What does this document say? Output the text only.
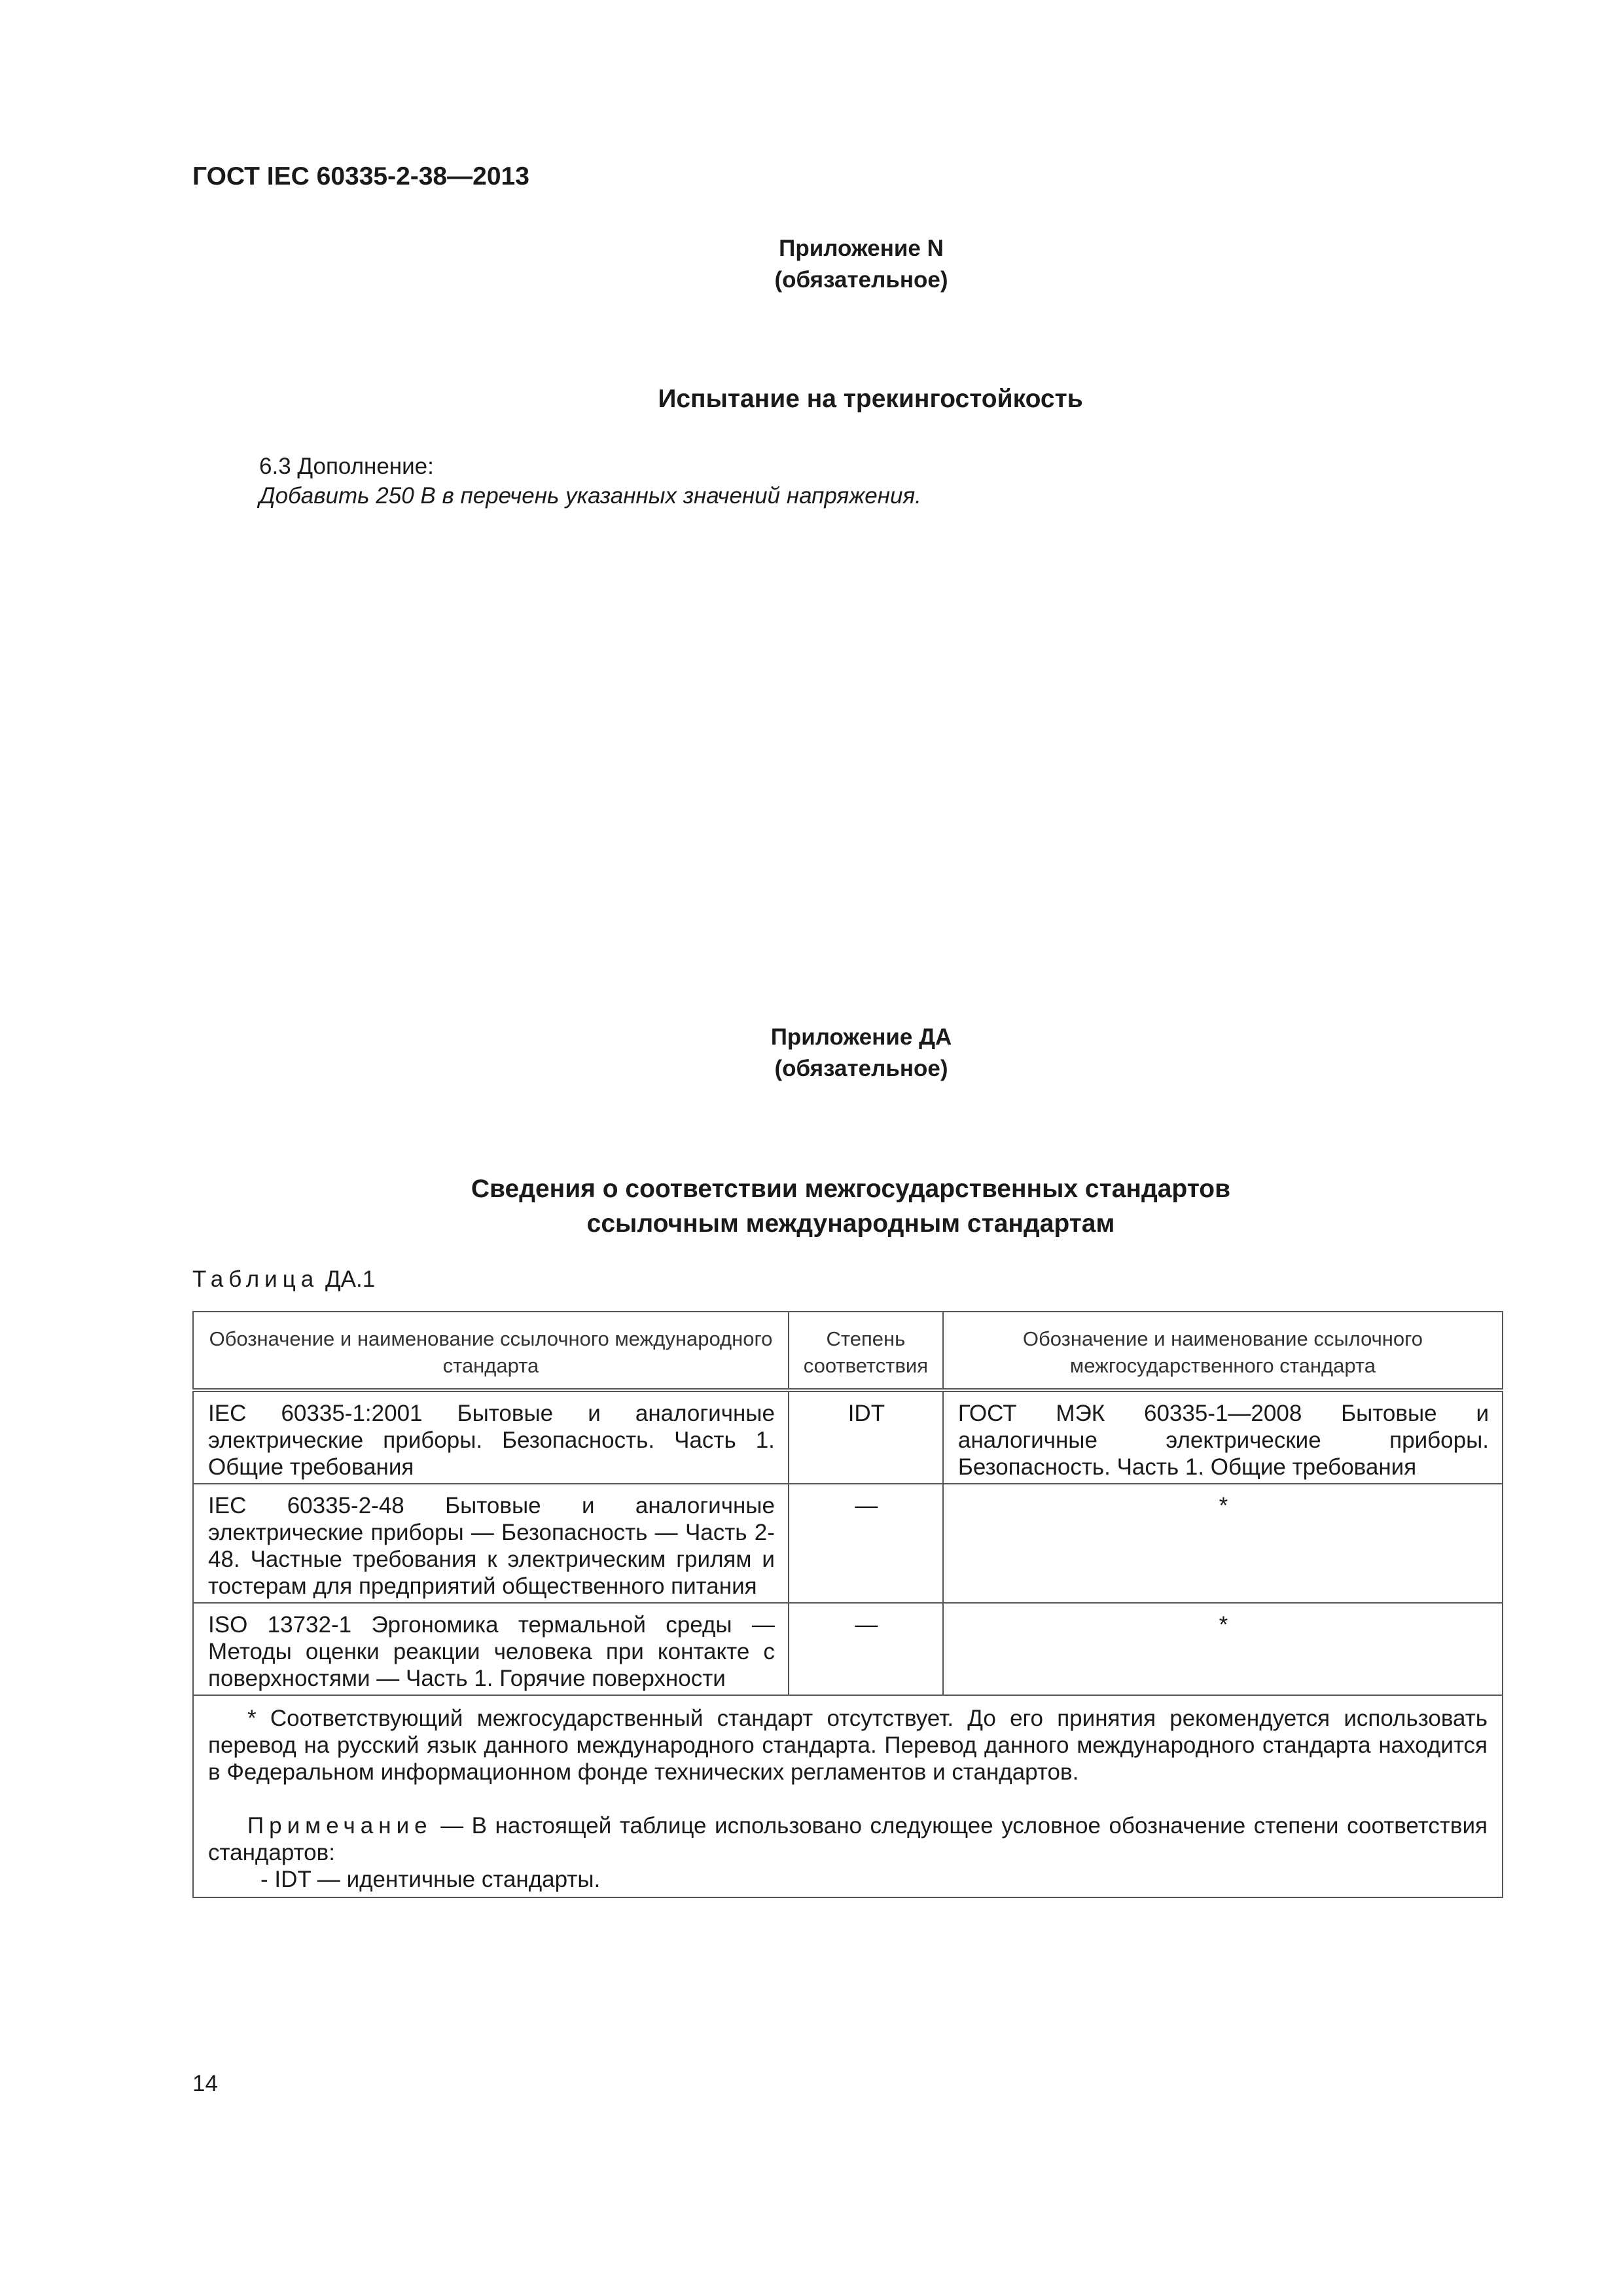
ГОСТ IEC 60335-2-38—2013
Приложение N
(обязательное)
Испытание на трекингостойкость
6.3 Дополнение:
Добавить 250 В в перечень указанных значений напряжения.
Приложение ДА
(обязательное)
Сведения о соответствии межгосударственных стандартов
ссылочным международным стандартам
Таблица ДА.1
Обозначение и наименование ссылочного международного стандарта	Степень соответствия	Обозначение и наименование ссылочного межгосударственного стандарта
IEC 60335-1:2001 Бытовые и аналогичные электрические приборы. Безопасность. Часть 1. Общие требования	IDT	ГОСТ МЭК 60335-1—2008 Бытовые и аналогичные электрические приборы. Безопасность. Часть 1. Общие требования
IEC 60335-2-48 Бытовые и аналогичные электрические приборы — Безопасность — Часть 2-48. Частные требования к электрическим грилям и тостерам для предприятий общественного питания	—	*
ISO 13732-1 Эргономика термальной среды — Методы оценки реакции человека при контакте с поверхностями — Часть 1. Горячие поверхности	—	*

* Соответствующий межгосударственный стандарт отсутствует. До его принятия рекомендуется использовать перевод на русский язык данного международного стандарта. Перевод данного международного стандарта находится в Федеральном информационном фонде технических регламентов и стандартов.
Примечание — В настоящей таблице использовано следующее условное обозначение степени соответствия стандартов:
- IDT — идентичные стандарты.		
14
